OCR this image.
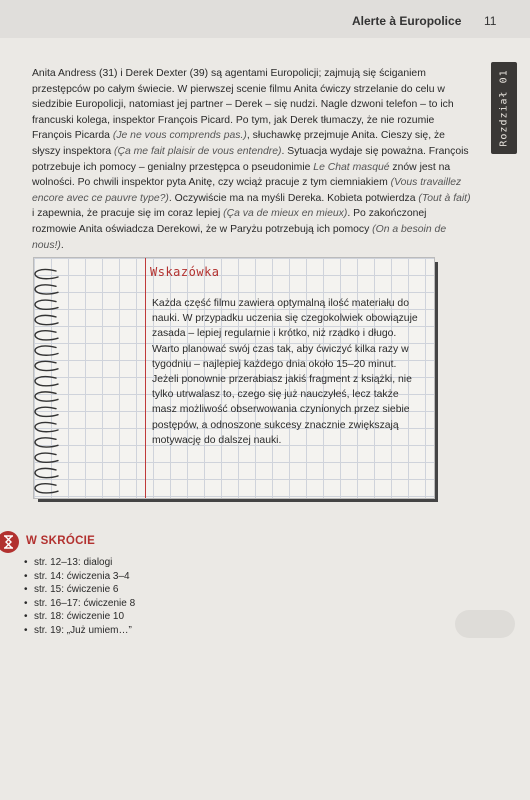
Alerte à Europolice 11
Rozdział 01

Anita Andress (31) i Derek Dexter (39) są agentami Europolicji; zajmują się ściganiem przestępców po całym świecie. W pierwszej scenie filmu Anita ćwiczy strzelanie do celu w siedzibie Europolicji, natomiast jej partner – Derek – się nudzi. Nagle dzwoni telefon – to ich francuski kolega, inspektor François Picard. Po tym, jak Derek tłumaczy, że nie rozumie François Picarda (Je ne vous comprends pas.), słuchawkę przejmuje Anita. Cieszy się, że słyszy inspektora (Ça me fait plaisir de vous entendre). Sytuacja wydaje się poważna. François potrzebuje ich pomocy – genialny przestępca o pseudonimie Le Chat masqué znów jest na wolności. Po chwili inspektor pyta Anitę, czy wciąż pracuje z tym ciemniakiem (Vous travaillez encore avec ce pauvre type?). Oczywiście ma na myśli Dereka. Kobieta potwierdza (Tout à fait) i zapewnia, że pracuje się im coraz lepiej (Ça va de mieux en mieux). Po zakończonej rozmowie Anita oświadcza Derekowi, że w Paryżu potrzebują ich pomocy (On a besoin de nous!).

Wskazówka
Każda część filmu zawiera optymalną ilość materiału do nauki. W przypadku uczenia się czegokolwiek obowiązuje zasada – lepiej regularnie i krótko, niż rzadko i długo. Warto planować swój czas tak, aby ćwiczyć kilka razy w tygodniu – najlepiej każdego dnia około 15–20 minut. Jeżeli ponownie przerabiasz jakiś fragment z książki, nie tylko utrwalasz to, czego się już nauczyłeś, lecz także masz możliwość obserwowania czynionych przez siebie postępów, a odnoszone sukcesy znacznie zwiększają motywację do dalszej nauki.
W SKRÓCIE
• str. 12–13: dialogi
• str. 14: ćwiczenia 3–4
• str. 15: ćwiczenie 6
• str. 16–17: ćwiczenie 8
• str. 18: ćwiczenie 10
• str. 19: „Już umiem…”
